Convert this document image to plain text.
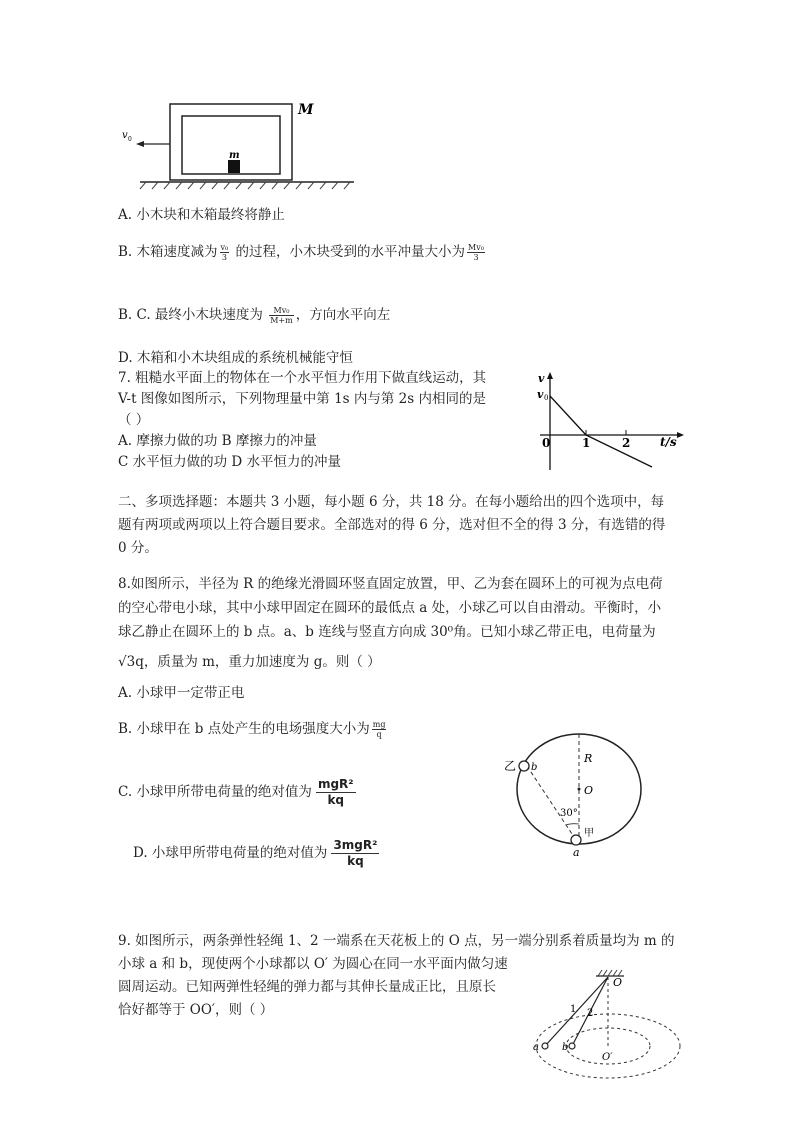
M
m
v 0
A. 小木块和木箱最终将静止
B. 木箱速度减为 $\frac{\text{v₀}}{3}$ 的过程，小木块受到的水平冲量大小为 $\frac{\text{Mv₀}}{3}$
B. C. 最终小木块速度为 $\frac{\text{Mv₀}}{M+m}$ ，方向水平向左
D. 木箱和小木块组成的系统机械能守恒
7. 粗糙水平面上的物体在一个水平恒力作用下做直线运动，其
V-t 图像如图所示，下列物理量中第 1s 内与第 2s 内相同的是
（ ）
A. 摩擦力做的功 B 摩擦力的冲量
C 水平恒力做的功 D 水平恒力的冲量
v
v 0
0	1	2 t/s
二、多项选择题：本题共 3 小题，每小题 6 分，共 18 分。在每小题给出的四个选项中，每
题有两项或两项以上符合题目要求。全部选对的得 6 分，选对但不全的得 3 分，有选错的得
0 分。
8.如图所示，半径为 R 的绝缘光滑圆环竖直固定放置，甲、乙为套在圆环上的可视为点电荷
的空心带电小球，其中小球甲固定在圆环的最低点 a 处，小球乙可以自由滑动。平衡时，小
球乙静止在圆环上的 b 点。a、b 连线与竖直方向成 30⁰角。已知小球乙带正电，电荷量为
√3q，质量为 m，重力加速度为 g。则（ ）
A. 小球甲一定带正电
B. 小球甲在 b 点处产生的电场强度大小为 $\frac{mg}{q}$
C. 小球甲所带电荷量的绝对值为 $\frac{\text{mgR²}}{kq}$
D. 小球甲所带电荷量的绝对值为 $\frac{\text{3mgR²}}{kq}$
乙 b
R
O
30°
甲
a
9. 如图所示，两条弹性轻绳 1、2 一端系在天花板上的 O 点，另一端分别系着质量均为 m 的
小球 a 和 b，现使两个小球都以 O′ 为圆心在同一水平面内做匀速
圆周运动。已知两弹性轻绳的弹力都与其伸长量成正比，且原长
恰好都等于 OO′，则（ ）
O
1 2
a b
O′
